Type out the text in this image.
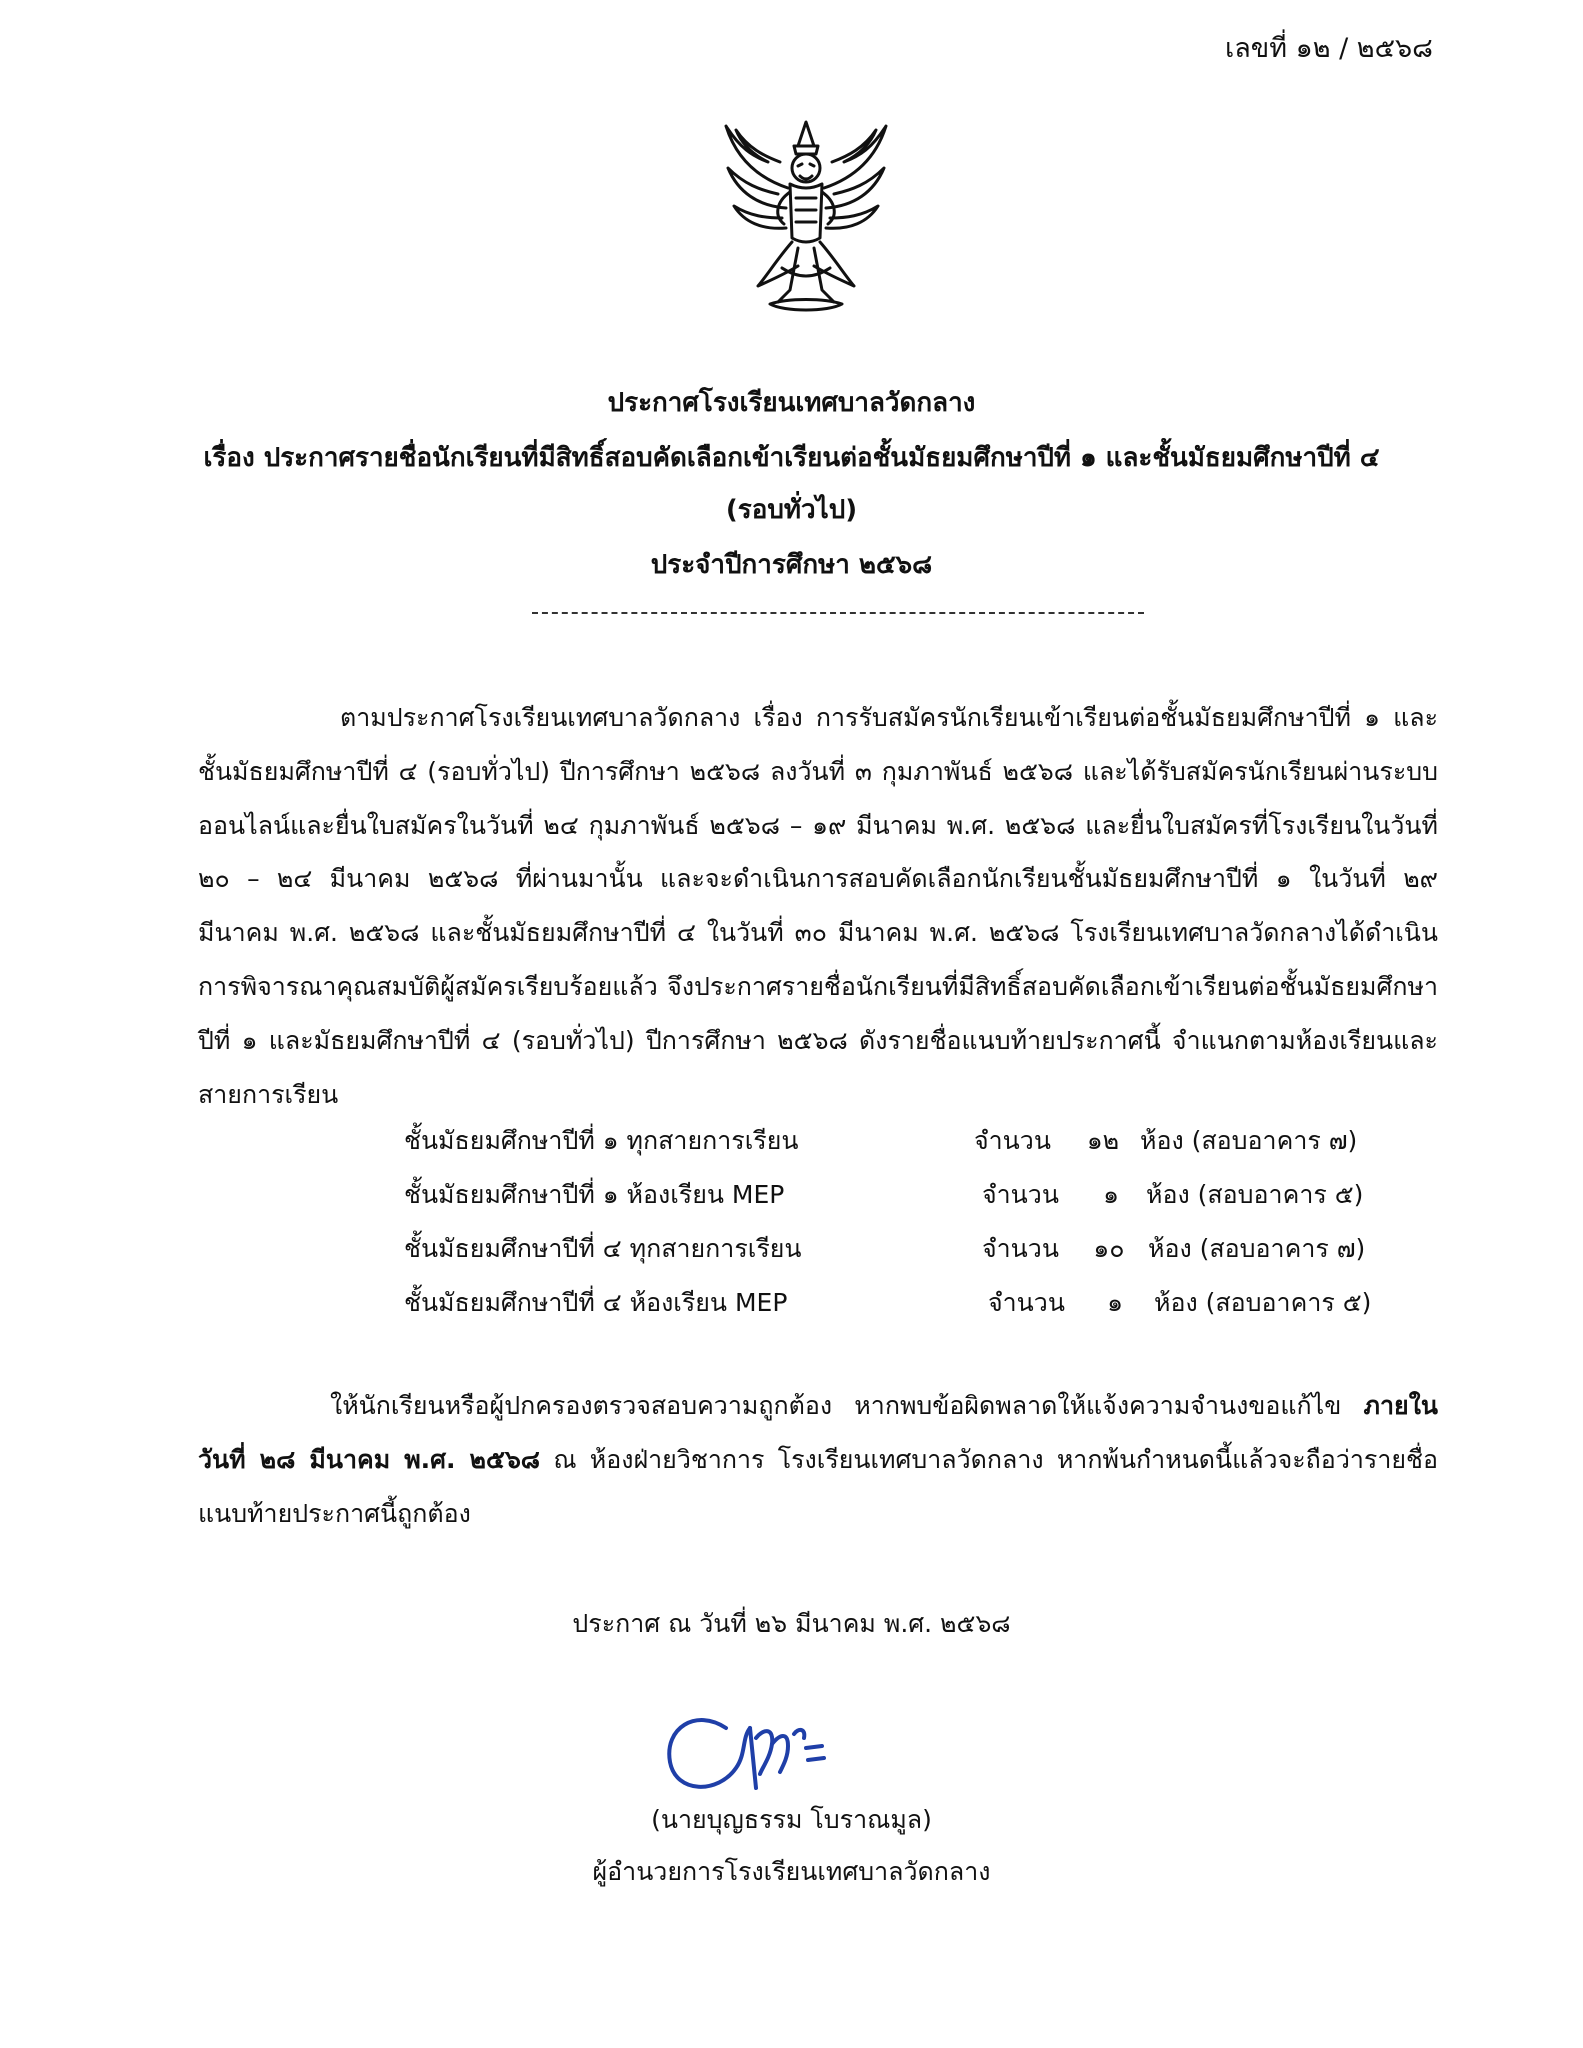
เลขที่ ๑๒ / ๒๕๖๘
ประกาศโรงเรียนเทศบาลวัดกลาง
เรื่อง ประกาศรายชื่อนักเรียนที่มีสิทธิ์สอบคัดเลือกเข้าเรียนต่อชั้นมัธยมศึกษาปีที่ ๑ และชั้นมัธยมศึกษาปีที่ ๔
(รอบทั่วไป)
ประจำปีการศึกษา ๒๕๖๘

ตามประกาศโรงเรียนเทศบาลวัดกลาง เรื่อง การรับสมัครนักเรียนเข้าเรียนต่อชั้นมัธยมศึกษาปีที่ ๑ และชั้นมัธยมศึกษาปีที่ ๔ (รอบทั่วไป) ปีการศึกษา ๒๕๖๘ ลงวันที่ ๓ กุมภาพันธ์ ๒๕๖๘ และได้รับสมัครนักเรียนผ่านระบบออนไลน์และยื่นใบสมัครในวันที่ ๒๔ กุมภาพันธ์ ๒๕๖๘ – ๑๙ มีนาคม พ.ศ. ๒๕๖๘ และยื่นใบสมัครที่โรงเรียนในวันที่ ๒๐ – ๒๔ มีนาคม ๒๕๖๘ ที่ผ่านมานั้น และจะดำเนินการสอบคัดเลือกนักเรียนชั้นมัธยมศึกษาปีที่ ๑ ในวันที่ ๒๙ มีนาคม พ.ศ. ๒๕๖๘ และชั้นมัธยมศึกษาปีที่ ๔ ในวันที่ ๓๐ มีนาคม พ.ศ. ๒๕๖๘ โรงเรียนเทศบาลวัดกลางได้ดำเนินการพิจารณาคุณสมบัติผู้สมัครเรียบร้อยแล้ว จึงประกาศรายชื่อนักเรียนที่มีสิทธิ์สอบคัดเลือกเข้าเรียนต่อชั้นมัธยมศึกษาปีที่ ๑ และมัธยมศึกษาปีที่ ๔ (รอบทั่วไป) ปีการศึกษา ๒๕๖๘ ดังรายชื่อแนบท้ายประกาศนี้ จำแนกตามห้องเรียนและสายการเรียน

ชั้นมัธยมศึกษาปีที่ ๑ ทุกสายการเรียน	จำนวน ๑๒ ห้อง (สอบอาคาร ๗)
ชั้นมัธยมศึกษาปีที่ ๑ ห้องเรียน MEP	จำนวน	๑	ห้อง (สอบอาคาร ๕)
ชั้นมัธยมศึกษาปีที่ ๔ ทุกสายการเรียน	จำนวน ๑๐ ห้อง (สอบอาคาร ๗)
ชั้นมัธยมศึกษาปีที่ ๔ ห้องเรียน MEP	จำนวน	๑	ห้อง (สอบอาคาร ๕)

ให้นักเรียนหรือผู้ปกครองตรวจสอบความถูกต้อง หากพบข้อผิดพลาดให้แจ้งความจำนงขอแก้ไข ภายในวันที่ ๒๘ มีนาคม พ.ศ. ๒๕๖๘ ณ ห้องฝ่ายวิชาการ โรงเรียนเทศบาลวัดกลาง หากพ้นกำหนดนี้แล้วจะถือว่ารายชื่อแนบท้ายประกาศนี้ถูกต้อง

ประกาศ ณ วันที่ ๒๖ มีนาคม พ.ศ. ๒๕๖๘
(นายบุญธรรม โบราณมูล)
ผู้อำนวยการโรงเรียนเทศบาลวัดกลาง
